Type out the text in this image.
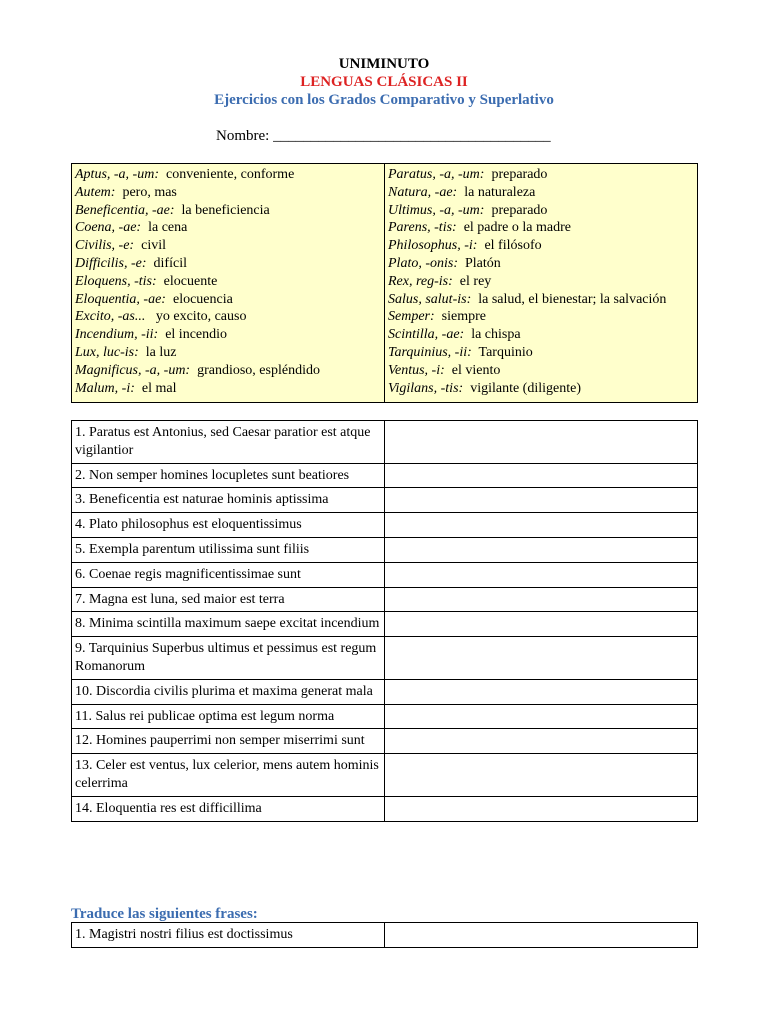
UNIMINUTO
LENGUAS CLÁSICAS II
Ejercicios con los Grados Comparativo y Superlativo
Nombre: _____________________________________
Aptus, -a, -um: conveniente, conforme
Autem: pero, mas
Beneficentia, -ae: la beneficiencia
Coena, -ae: la cena
Civilis, -e: civil
Difficilis, -e: difícil
Eloquens, -tis: elocuente
Eloquentia, -ae: elocuencia
Excito, -as... yo excito, causo
Incendium, -ii: el incendio
Lux, luc-is: la luz
Magnificus, -a, -um: grandioso, espléndido
Malum, -i: el mal

Paratus, -a, -um: preparado
Natura, -ae: la naturaleza
Ultimus, -a, -um: preparado
Parens, -tis: el padre o la madre
Philosophus, -i: el filósofo
Plato, -onis: Platón
Rex, reg-is: el rey
Salus, salut-is: la salud, el bienestar; la salvación
Semper: siempre
Scintilla, -ae: la chispa
Tarquinius, -ii: Tarquinio
Ventus, -i: el viento
Vigilans, -tis: vigilante (diligente)
1. Paratus est Antonius, sed Caesar paratior est atque vigilantior	
2. Non semper homines locupletes sunt beatiores	
3. Beneficentia est naturae hominis aptissima	
4. Plato philosophus est eloquentissimus	
5. Exempla parentum utilissima sunt filiis	
6. Coenae regis magnificentissimae sunt	
7. Magna est luna, sed maior est terra	
8. Minima scintilla maximum saepe excitat incendium	
9. Tarquinius Superbus ultimus et pessimus est regum Romanorum	
10. Discordia civilis plurima et maxima generat mala	
11. Salus rei publicae optima est legum norma	
12. Homines pauperrimi non semper miserrimi sunt	
13. Celer est ventus, lux celerior, mens autem hominis celerrima	
14. Eloquentia res est difficillima	
Traduce las siguientes frases:
1. Magistri nostri filius est doctissimus	
